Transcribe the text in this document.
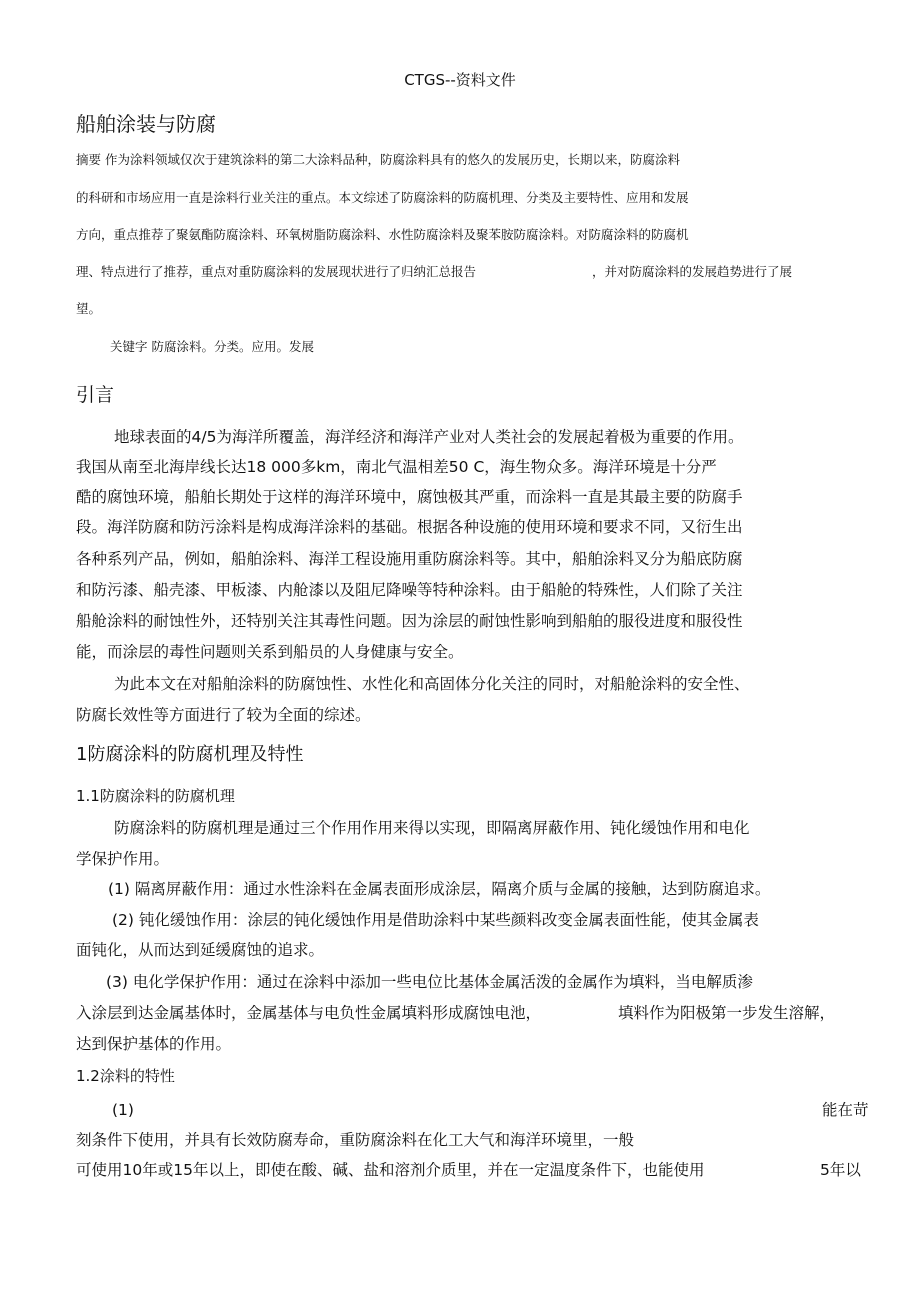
CTGS--资料文件
船舶涂装与防腐

摘要 作为涂料领域仅次于建筑涂料的第二大涂料品种，防腐涂料具有的悠久的发展历史，长期以来，防腐涂料

的科研和市场应用一直是涂料行业关注的重点。本文综述了防腐涂料的防腐机理、分类及主要特性、应用和发展

方向，重点推荐了聚氨酯防腐涂料、环氧树脂防腐涂料、水性防腐涂料及聚苯胺防腐涂料。对防腐涂料的防腐机

理、特点进行了推荐，重点对重防腐涂料的发展现状进行了归纳汇总报告	，并对防腐涂料的发展趋势进行了展

望。

关键字 防腐涂料。分类。应用。发展

引言

地球表面的4/5为海洋所覆盖，海洋经济和海洋产业对人类社会的发展起着极为重要的作用。

我国从南至北海岸线长达18 000多km，南北气温相差50 C，海生物众多。海洋环境是十分严

酷的腐蚀环境，船舶长期处于这样的海洋环境中，腐蚀极其严重，而涂料一直是其最主要的防腐手

段。海洋防腐和防污涂料是构成海洋涂料的基础。根据各种设施的使用环境和要求不同，又衍生出

各种系列产品，例如，船舶涂料、海洋工程设施用重防腐涂料等。其中，船舶涂料叉分为船底防腐

和防污漆、船壳漆、甲板漆、内舱漆以及阻尼降噪等特种涂料。由于船舱的特殊性，人们除了关注

船舱涂料的耐蚀性外，还特别关注其毒性问题。因为涂层的耐蚀性影响到船舶的服役进度和服役性

能，而涂层的毒性问题则关系到船员的人身健康与安全。

为此本文在对船舶涂料的防腐蚀性、水性化和高固体分化关注的同时，对船舱涂料的安全性、

防腐长效性等方面进行了较为全面的综述。

1防腐涂料的防腐机理及特性
1.1防腐涂料的防腐机理

防腐涂料的防腐机理是通过三个作用作用来得以实现，即隔离屏蔽作用、钝化缓蚀作用和电化

学保护作用。

(1) 隔离屏蔽作用：通过水性涂料在金属表面形成涂层，隔离介质与金属的接触，达到防腐追求。

(2) 钝化缓蚀作用：涂层的钝化缓蚀作用是借助涂料中某些颜料改变金属表面性能，使其金属表

面钝化，从而达到延缓腐蚀的追求。

(3) 电化学保护作用：通过在涂料中添加一些电位比基体金属活泼的金属作为填料，当电解质渗

入涂层到达金属基体时，金属基体与电负性金属填料形成腐蚀电池，	填料作为阳极第一步发生溶解，

达到保护基体的作用。

1.2涂料的特性

(1)	能在苛

刻条件下使用，并具有长效防腐寿命，重防腐涂料在化工大气和海洋环境里，一般

可使用10年或15年以上，即使在酸、碱、盐和溶剂介质里，并在一定温度条件下，也能使用	5年以
